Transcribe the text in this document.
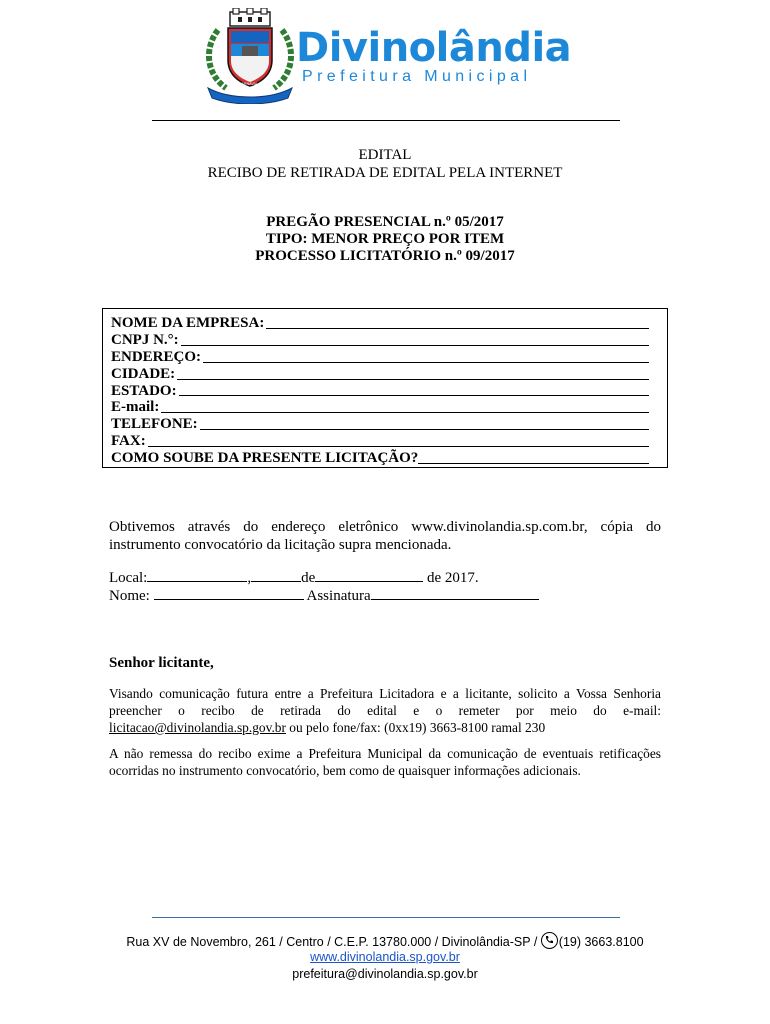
TERRA CARNAVAL SUBINDO SERRA
Divinolândia
Prefeitura Municipal
EDITAL
RECIBO DE RETIRADA DE EDITAL PELA INTERNET
PREGÃO PRESENCIAL n.º 05/2017
TIPO: MENOR PREÇO POR ITEM
PROCESSO LICITATÓRIO n.º 09/2017
NOME DA EMPRESA:
CNPJ N.°:
ENDEREÇO:
CIDADE:
ESTADO:
E-mail:
TELEFONE:
FAX:
COMO SOUBE DA PRESENTE LICITAÇÃO?
Obtivemos através do endereço eletrônico www.divinolandia.sp.com.br, cópia do instrumento convocatório da licitação supra mencionada.
Local:	,	de	de 2017.
Nome:	Assinatura
Senhor licitante,
Visando comunicação futura entre a Prefeitura Licitadora e a licitante, solicito a Vossa Senhoria preencher o recibo de retirada do edital e o remeter por meio do e-mail: licitacao@divinolandia.sp.gov.br ou pelo fone/fax: (0xx19) 3663-8100 ramal 230
A não remessa do recibo exime a Prefeitura Municipal da comunicação de eventuais retificações ocorridas no instrumento convocatório, bem como de quaisquer informações adicionais.
Rua XV de Novembro, 261 / Centro / C.E.P. 13780.000 / Divinolândia-SP /
(19) 3663.8100
www.divinolandia.sp.gov.br
prefeitura@divinolandia.sp.gov.br
